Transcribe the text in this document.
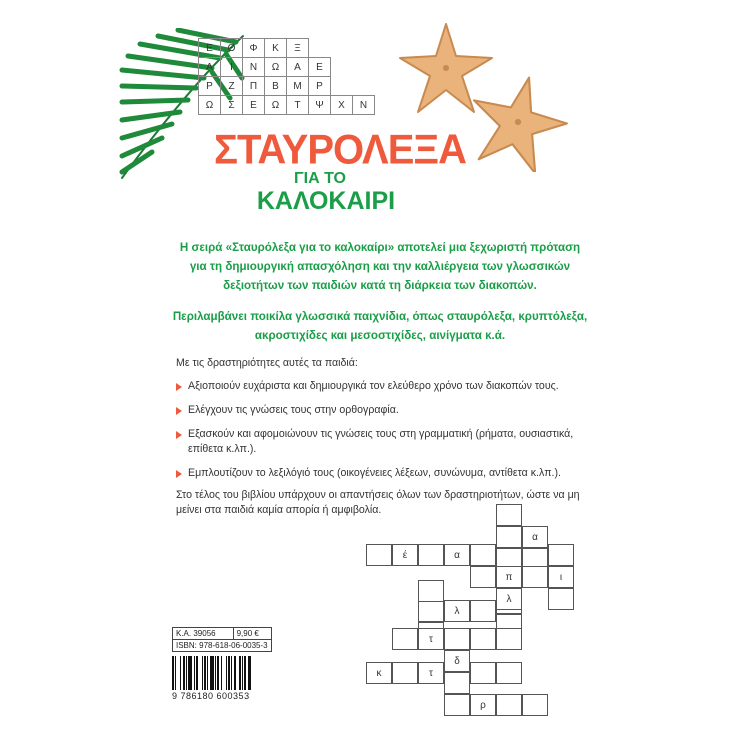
Ε	Θ	Φ	Κ	Ξ			
Α	Ι	Ν	Ω	Α	Ε		
Ρ	Ζ	Π	Β	Μ	Ρ		
Ω	Σ	Ε	Ω	Τ	Ψ	Χ	Ν
ΣΤΑΥΡΟΛΕΞΑ
ΓΙΑ ΤΟ
ΚΑΛΟΚΑΙΡΙ

Η σειρά «Σταυρόλεξα για το καλοκαίρι» αποτελεί μια ξεχωριστή πρόταση για τη δημιουργική απασχόληση και την καλλιέργεια των γλωσσικών δεξιοτήτων των παιδιών κατά τη διάρκεια των διακοπών.

Περιλαμβάνει ποικίλα γλωσσικά παιχνίδια, όπως σταυρόλεξα, κρυπτόλεξα, ακροστιχίδες και μεσοστιχίδες, αινίγματα κ.ά.

Με τις δραστηριότητες αυτές τα παιδιά:

Αξιοποιούν ευχάριστα και δημιουργικά τον ελεύθερο χρόνο των διακοπών τους.
Ελέγχουν τις γνώσεις τους στην ορθογραφία.
Εξασκούν και αφομοιώνουν τις γνώσεις τους στη γραμματική (ρήματα, ουσιαστικά, επίθετα κ.λπ.).
Εμπλουτίζουν το λεξιλόγιό τους (οικογένειες λέξεων, συνώνυμα, αντίθετα κ.λπ.).

Στο τέλος του βιβλίου υπάρχουν οι απαντήσεις όλων των δραστηριοτήτων, ώστε να μη μείνει στα παιδιά καμία απορία ή αμφιβολία.

Κ.Α. 39056	9,90 €
ISBN: 978-618-06-0035-3
9 786180 600353
α
έ	α
π	ι
λ
λ
τ
δ
κ	τ
ρ
